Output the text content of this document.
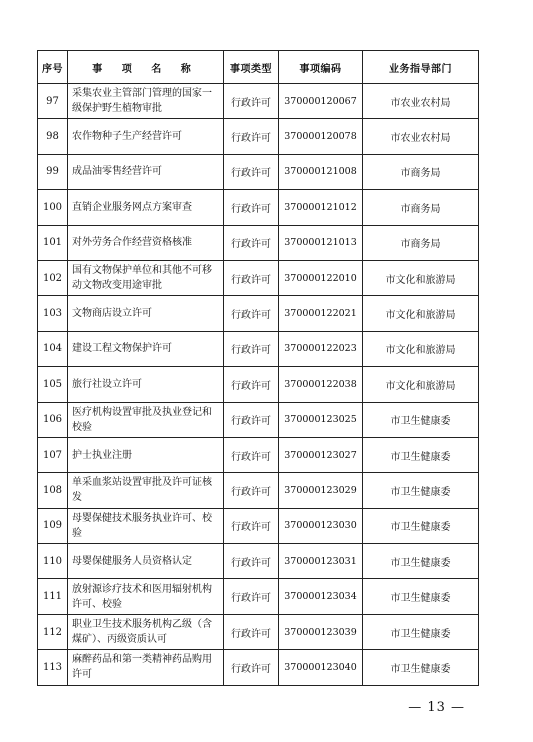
序号	事 项 名 称	事项类型	事项编码	业务指导部门
97	采集农业主管部门管理的国家一级保护野生植物审批	行政许可	370000120067	市农业农村局
98	农作物种子生产经营许可	行政许可	370000120078	市农业农村局
99	成品油零售经营许可	行政许可	370000121008	市商务局
100	直销企业服务网点方案审查	行政许可	370000121012	市商务局
101	对外劳务合作经营资格核准	行政许可	370000121013	市商务局
102	国有文物保护单位和其他不可移动文物改变用途审批	行政许可	370000122010	市文化和旅游局
103	文物商店设立许可	行政许可	370000122021	市文化和旅游局
104	建设工程文物保护许可	行政许可	370000122023	市文化和旅游局
105	旅行社设立许可	行政许可	370000122038	市文化和旅游局
106	医疗机构设置审批及执业登记和校验	行政许可	370000123025	市卫生健康委
107	护士执业注册	行政许可	370000123027	市卫生健康委
108	单采血浆站设置审批及许可证核发	行政许可	370000123029	市卫生健康委
109	母婴保健技术服务执业许可、校验	行政许可	370000123030	市卫生健康委
110	母婴保健服务人员资格认定	行政许可	370000123031	市卫生健康委
111	放射源诊疗技术和医用辐射机构许可、校验	行政许可	370000123034	市卫生健康委
112	职业卫生技术服务机构乙级（含煤矿）、丙级资质认可	行政许可	370000123039	市卫生健康委
113	麻醉药品和第一类精神药品购用许可	行政许可	370000123040	市卫生健康委
— 13 —
